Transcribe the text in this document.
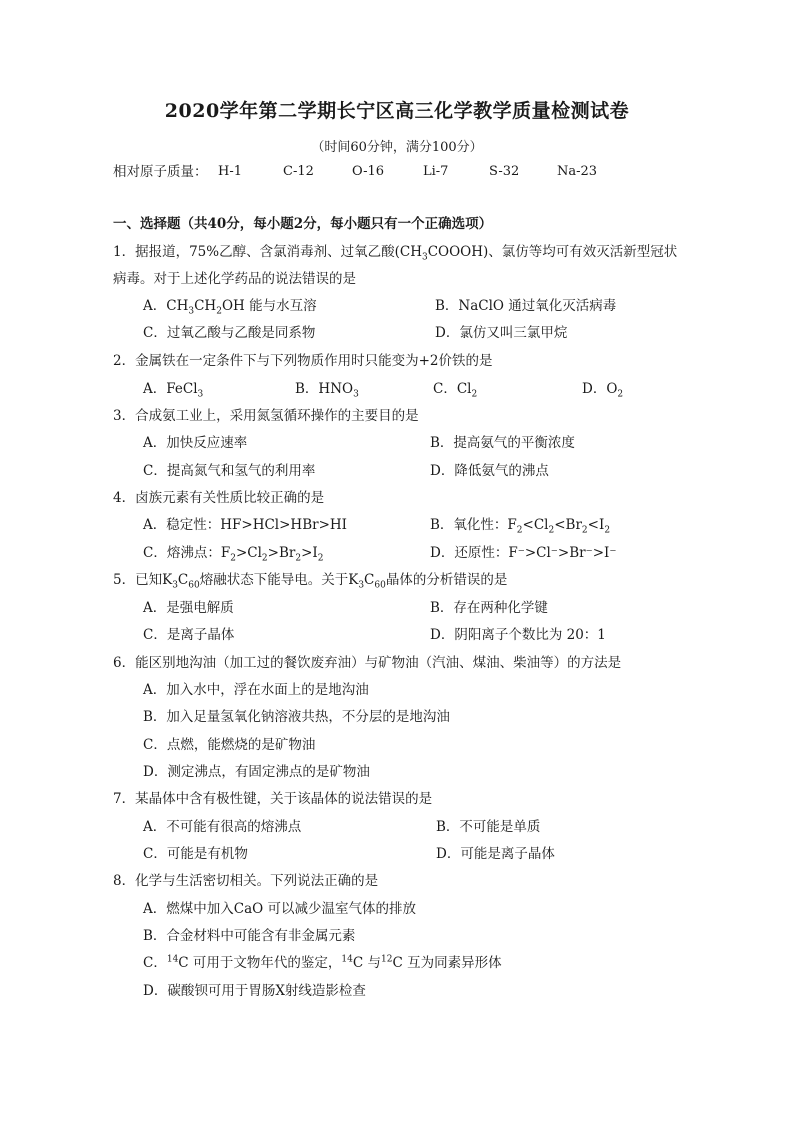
2020学年第二学期长宁区高三化学教学质量检测试卷
（时间60分钟，满分100分）
相对原子质量： H-1	C-12	O-16	Li-7	S-32	Na-23
一、选择题（共40分，每小题2分，每小题只有一个正确选项）
1．据报道，75%乙醇、含氯消毒剂、过氧乙酸$(CH_3COOOH)$、氯仿等均可有效灭活新型冠状
病毒。对于上述化学药品的说法错误的是
A．$CH_3CH_2OH$ 能与水互溶	B．NaClO 通过氧化灭活病毒
C．过氧乙酸与乙酸是同系物	D．氯仿又叫三氯甲烷
2．金属铁在一定条件下与下列物质作用时只能变为+2价铁的是
A．FeCl$_3$	B．$HNO_3$	C．$Cl_2$	D．$O_2$
3．合成氨工业上，采用氮氢循环操作的主要目的是
A．加快反应速率	B．提高氨气的平衡浓度
C．提高氮气和氢气的利用率	D．降低氨气的沸点
4．卤族元素有关性质比较正确的是
A．稳定性：HF>HCl>HBr>HI	B．氧化性：$F_2<Cl_2<Br_2<I_2$
C．熔沸点：$F_2>Cl_2>Br_2>I_2$	D．还原性：F⁻>Cl⁻>Br⁻>I⁻
5．已知$K_3C_{60}$熔融状态下能导电。关于$K_3C_{60}$晶体的分析错误的是
A．是强电解质	B．存在两种化学键
C．是离子晶体	D．阴阳离子个数比为 20：1
6．能区别地沟油（加工过的餐饮废弃油）与矿物油（汽油、煤油、柴油等）的方法是
A．加入水中，浮在水面上的是地沟油
B．加入足量氢氧化钠溶液共热，不分层的是地沟油
C．点燃，能燃烧的是矿物油
D．测定沸点，有固定沸点的是矿物油
7．某晶体中含有极性键，关于该晶体的说法错误的是
A．不可能有很高的熔沸点	B．不可能是单质
C．可能是有机物	D．可能是离子晶体
8．化学与生活密切相关。下列说法正确的是
A．燃煤中加入CaO 可以减少温室气体的排放
B．合金材料中可能含有非金属元素
C．$^{14}$C 可用于文物年代的鉴定，$^{14}$C 与$^{12}$C 互为同素异形体
D．碳酸钡可用于胃肠X射线造影检查
